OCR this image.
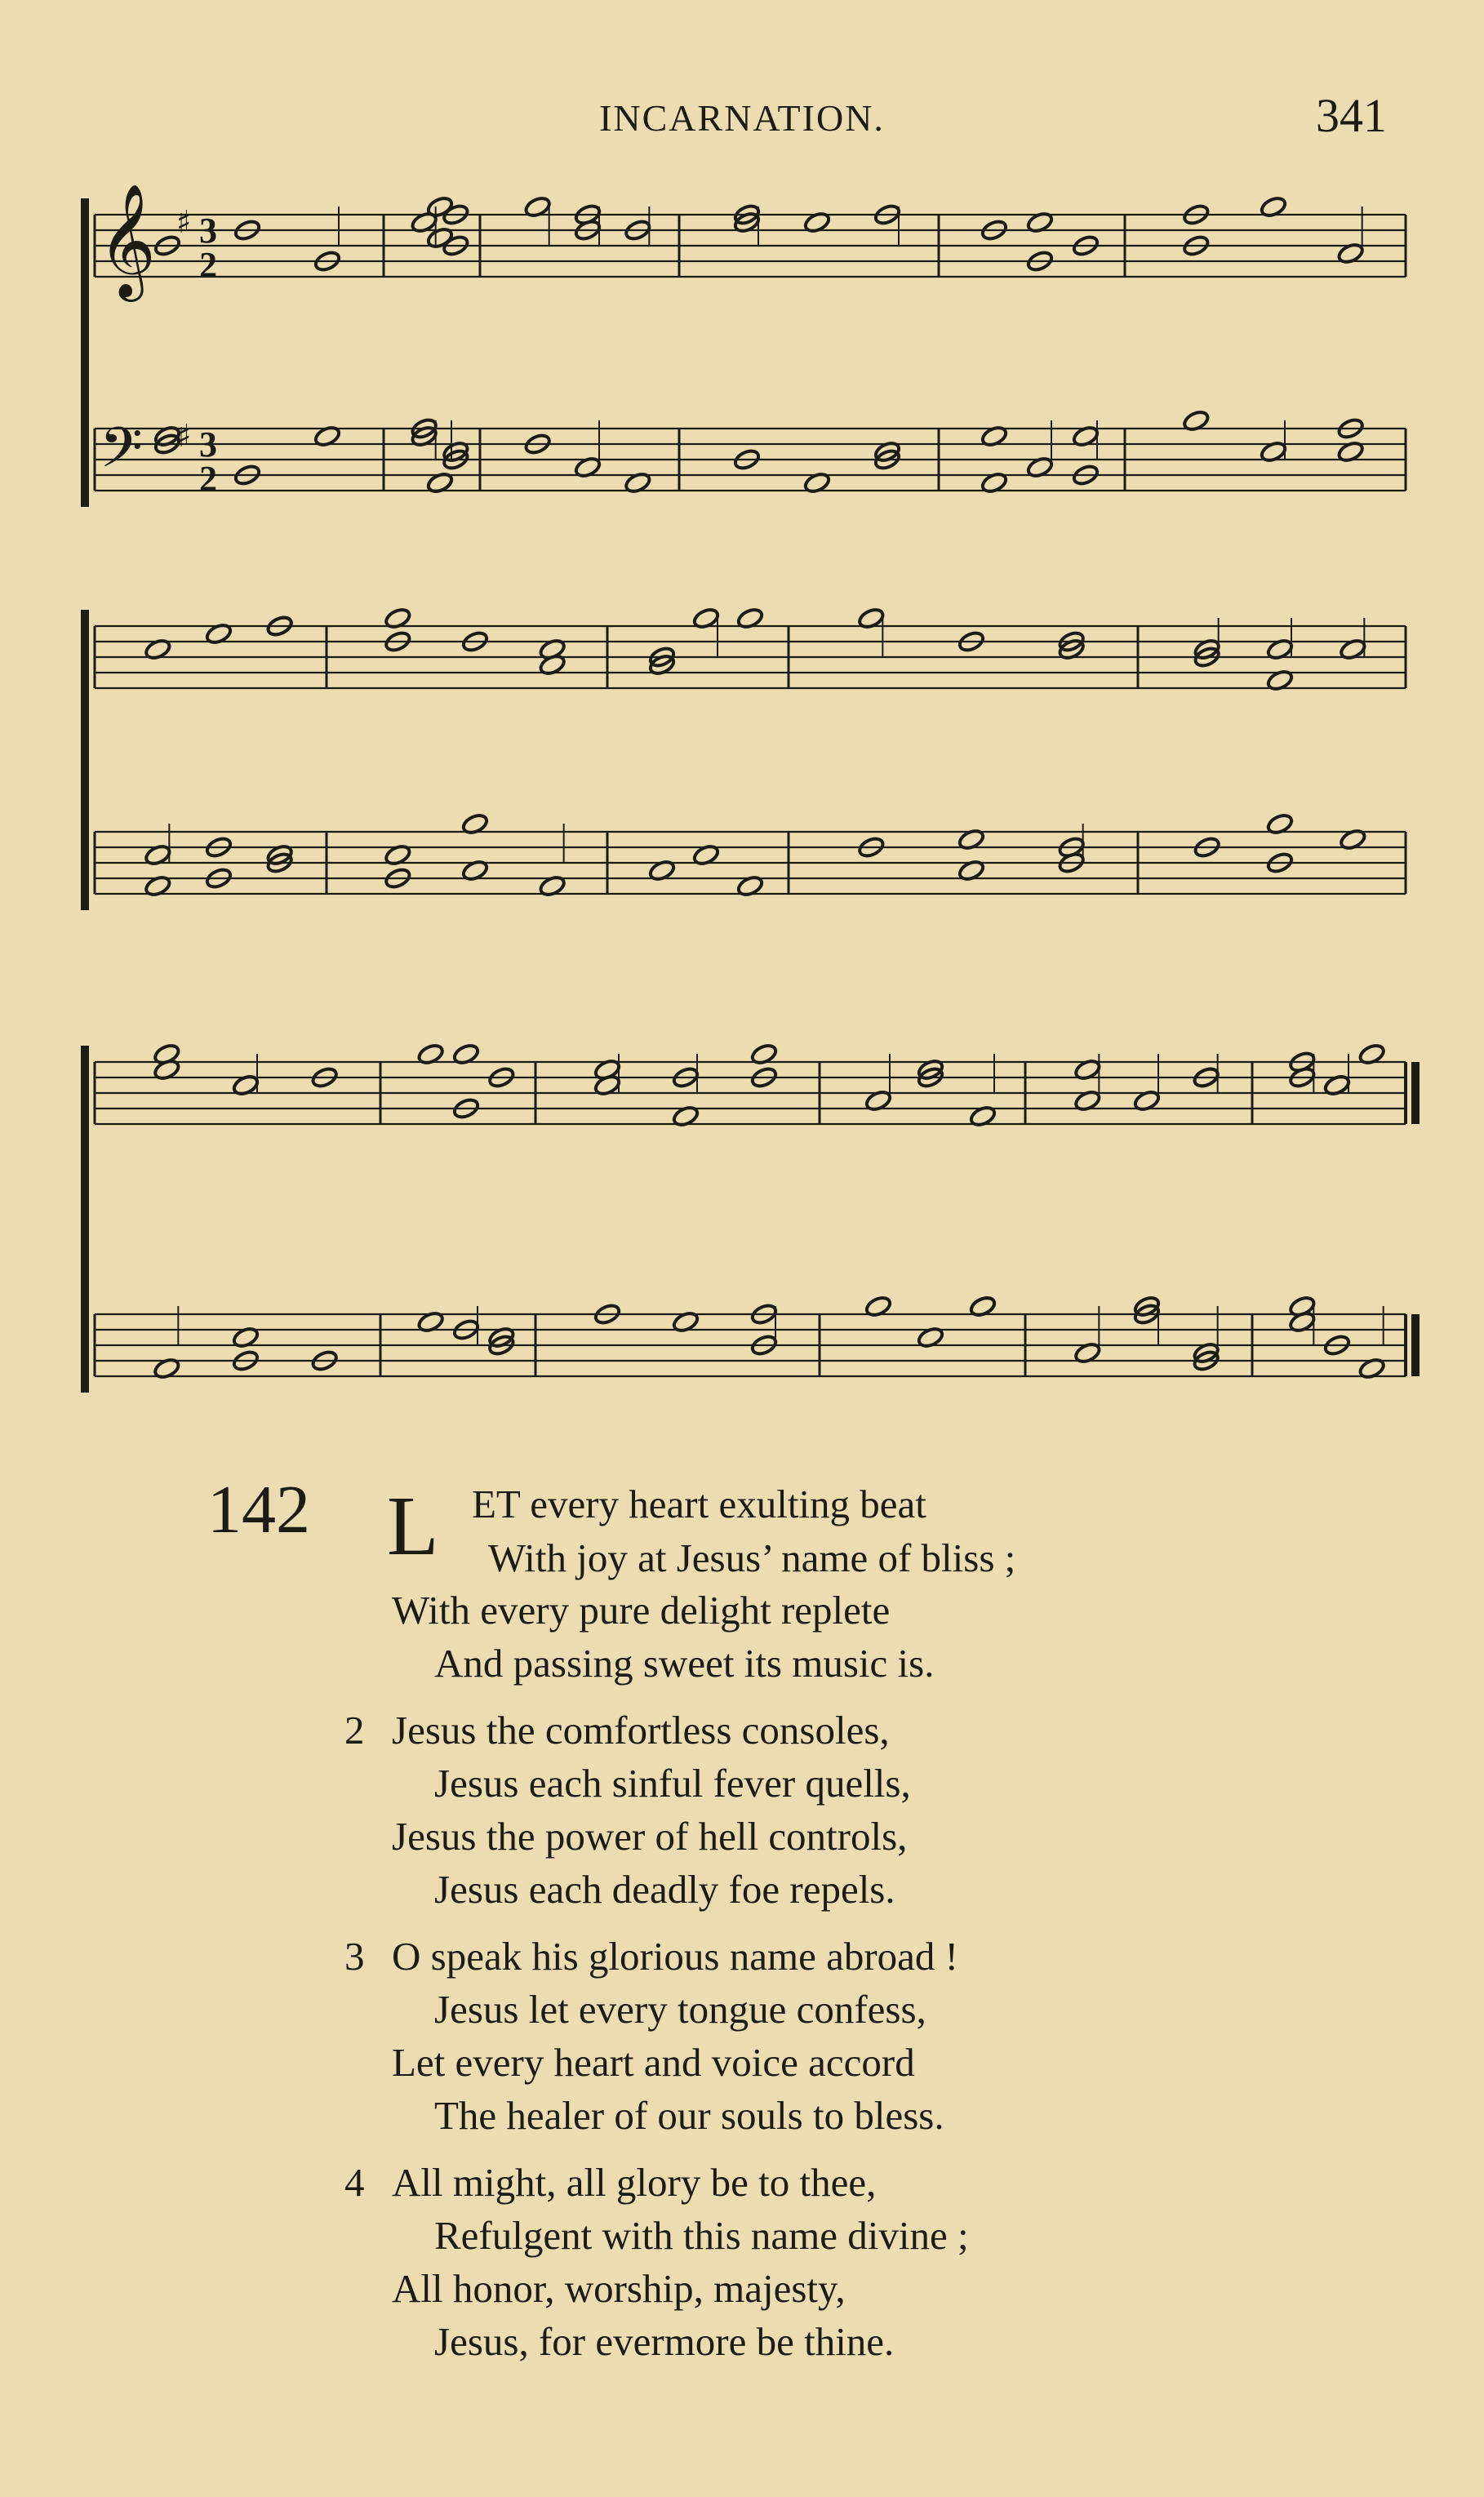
INCARNATION.	341
𝄞
𝄢
3
2
♯
3
2
♯
142 L ET every heart exulting beat
With joy at Jesus’ name of bliss ;
With every pure delight replete
And passing sweet its music is.
2 Jesus the comfortless consoles,
Jesus each sinful fever quells,
Jesus the power of hell controls,
Jesus each deadly foe repels.
3 O speak his glorious name abroad !
Jesus let every tongue confess,
Let every heart and voice accord
The healer of our souls to bless.
4 All might, all glory be to thee,
Refulgent with this name divine ;
All honor, worship, majesty,
Jesus, for evermore be thine.
